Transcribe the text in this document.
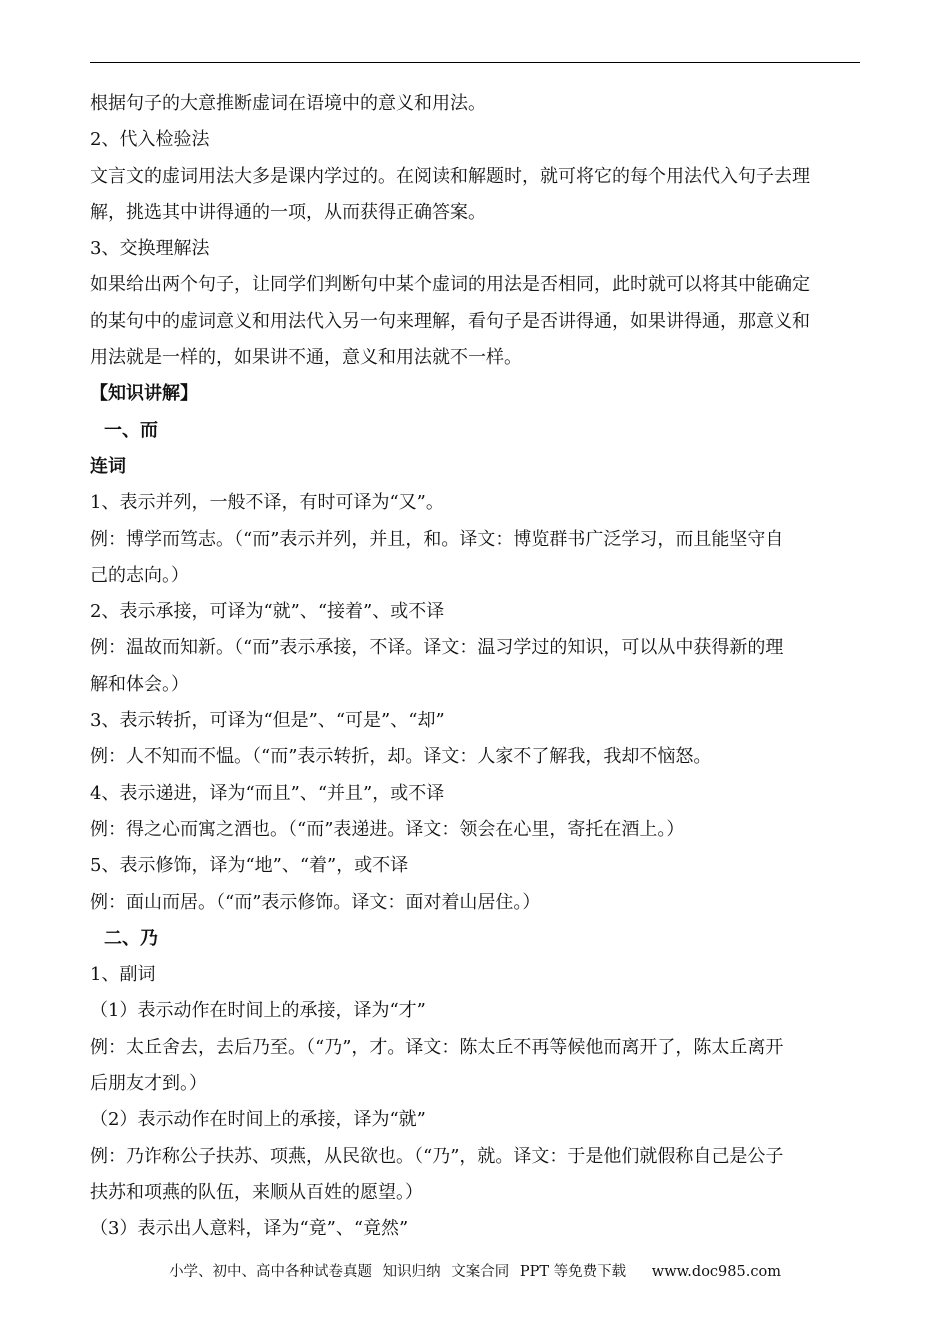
根据句子的大意推断虚词在语境中的意义和用法。
2、代入检验法
文言文的虚词用法大多是课内学过的。在阅读和解题时，就可将它的每个用法代入句子去理
解，挑选其中讲得通的一项，从而获得正确答案。
3、交换理解法
如果给出两个句子，让同学们判断句中某个虚词的用法是否相同，此时就可以将其中能确定
的某句中的虚词意义和用法代入另一句来理解，看句子是否讲得通，如果讲得通，那意义和
用法就是一样的，如果讲不通，意义和用法就不一样。
【知识讲解】
一、而
连词
1、表示并列，一般不译，有时可译为“又”。
例：博学而笃志。（“而”表示并列，并且，和。译文：博览群书广泛学习，而且能坚守自
己的志向。）
2、表示承接，可译为“就”、“接着”、或不译
例：温故而知新。（“而”表示承接，不译。译文：温习学过的知识，可以从中获得新的理
解和体会。）
3、表示转折，可译为“但是”、“可是”、“却”
例：人不知而不愠。（“而”表示转折，却。译文：人家不了解我，我却不恼怒。
4、表示递进，译为“而且”、“并且”，或不译
例：得之心而寓之酒也。（“而”表递进。译文：领会在心里，寄托在酒上。）
5、表示修饰，译为“地”、“着”，或不译
例：面山而居。（“而”表示修饰。译文：面对着山居住。）
二、乃
1、副词
（1）表示动作在时间上的承接，译为“才”
例：太丘舍去，去后乃至。（“乃”，才。译文：陈太丘不再等候他而离开了，陈太丘离开
后朋友才到。）
（2）表示动作在时间上的承接，译为“就”
例：乃诈称公子扶苏、项燕，从民欲也。（“乃”，就。译文：于是他们就假称自己是公子
扶苏和项燕的队伍，来顺从百姓的愿望。）
（3）表示出人意料，译为“竟”、“竟然”
小学、初中、高中各种试卷真题 知识归纳 文案合同 PPT 等免费下载 www.doc985.com
